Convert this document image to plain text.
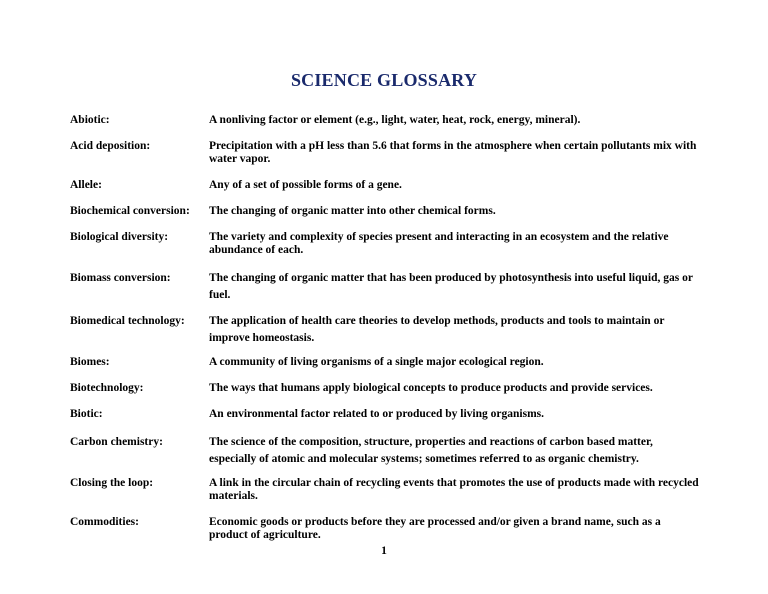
SCIENCE GLOSSARY
Abiotic:	A nonliving factor or element (e.g., light, water, heat, rock, energy, mineral).
Acid deposition:	Precipitation with a pH less than 5.6 that forms in the atmosphere when certain pollutants mix with water vapor.
Allele:	Any of a set of possible forms of a gene.
Biochemical conversion:	The changing of organic matter into other chemical forms.
Biological diversity:	The variety and complexity of species present and interacting in an ecosystem and the relative abundance of each.
Biomass conversion:	The changing of organic matter that has been produced by photosynthesis into useful liquid, gas or fuel.
Biomedical technology:	The application of health care theories to develop methods, products and tools to maintain or improve homeostasis.
Biomes:	A community of living organisms of a single major ecological region.
Biotechnology:	The ways that humans apply biological concepts to produce products and provide services.
Biotic:	An environmental factor related to or produced by living organisms.
Carbon chemistry:	The science of the composition, structure, properties and reactions of carbon based matter, especially of atomic and molecular systems; sometimes referred to as organic chemistry.
Closing the loop:	A link in the circular chain of recycling events that promotes the use of products made with recycled materials.
Commodities:	Economic goods or products before they are processed and/or given a brand name, such as a product of agriculture.
1
